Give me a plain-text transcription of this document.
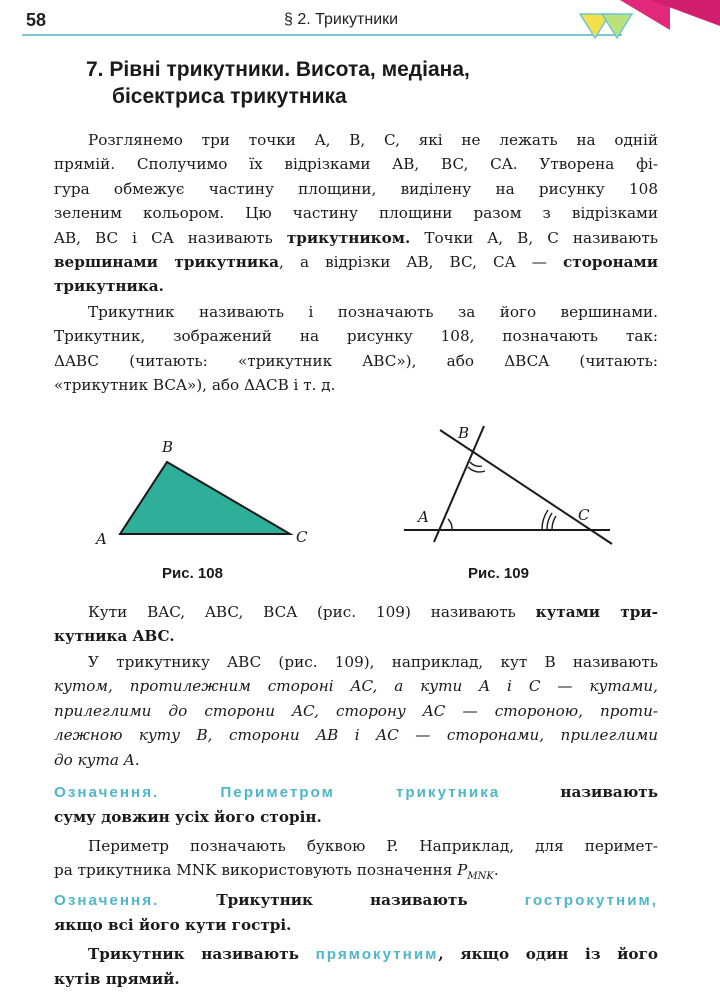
58	§ 2. Трикутники
7. Рівні трикутники. Висота, медіана,
бісектриса трикутника
Розглянемо три точки A, B, C, які не лежать на одній
прямій. Сполучимо їх відрізками AB, BC, CA. Утворена фі-
гура обмежує частину площини, виділену на рисунку 108
зеленим кольором. Цю частину площини разом з відрізками
AB, BC і CA називають трикутником. Точки A, B, C називають
вершинами трикутника, а відрізки AB, BC, CA — сторонами
трикутника.
Трикутник називають і позначають за його вершинами.
Трикутник, зображений на рисунку 108, позначають так:
ΔABC (читають: «трикутник ABC»), або ΔBCA (читають:
«трикутник BCA»), або ΔACB і т. д.
A
B
C
Рис. 108
A
B
C
Рис. 109
Кути BAC, ABC, BCA (рис. 109) називають кутами три-
кутника ABC.
У трикутнику ABC (рис. 109), наприклад, кут B називають
кутом, протилежним стороні AC, а кути A і C — кутами,
прилеглими до сторони AC, сторону AC — стороною, проти-
лежною куту B, сторони AB і AC — сторонами, прилеглими
до кута A.
Означення. Периметром трикутника називають
суму довжин усіх його сторін.
Периметр позначають буквою P. Наприклад, для перимет-
ра трикутника MNK використовують позначення $P_{MNK}$.
Означення. Трикутник називають гострокутним,
якщо всі його кути гострі.
Трикутник називають прямокутним, якщо один із його
кутів прямий.
